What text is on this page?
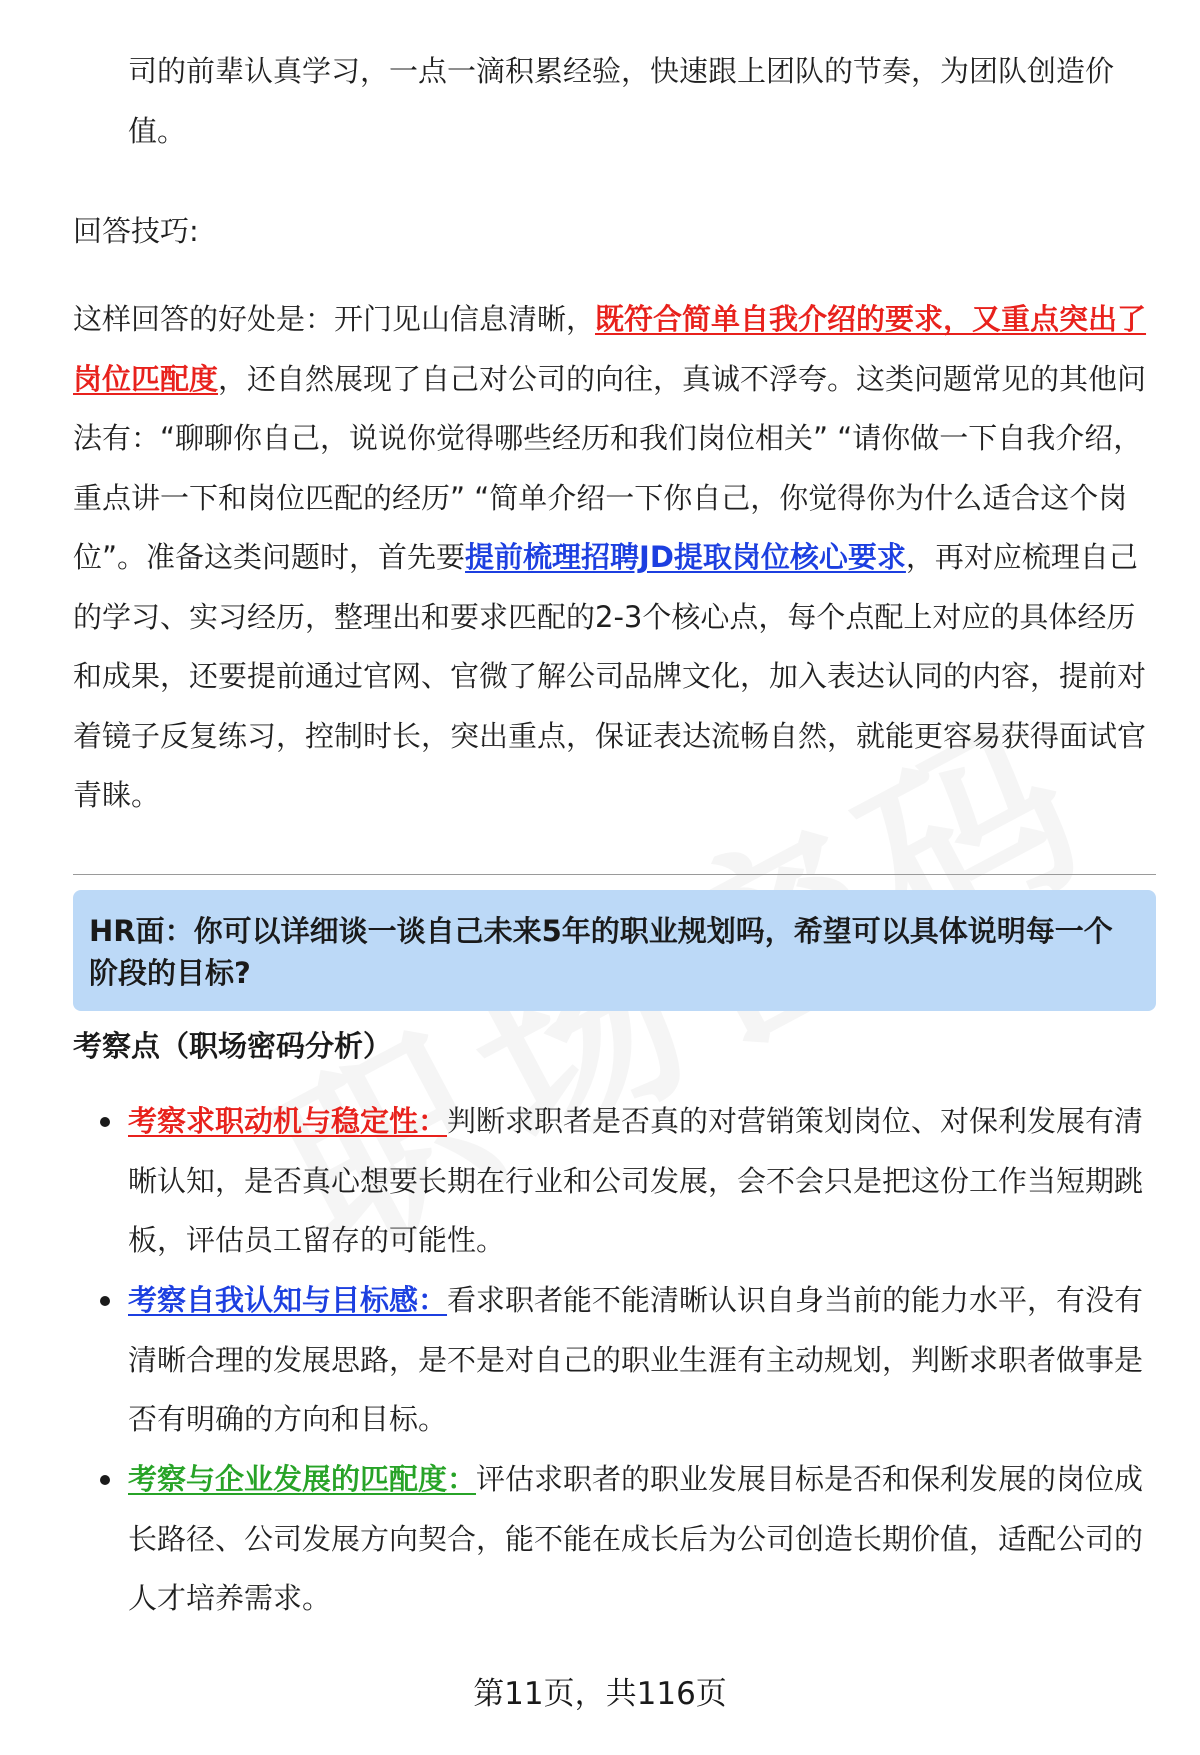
司的前辈认真学习，一点一滴积累经验，快速跟上团队的节奏，为团队创造价
值。

回答技巧:

这样回答的好处是：开门见山信息清晰，既符合简单自我介绍的要求，又重点突出了岗位匹配度，还自然展现了自己对公司的向往，真诚不浮夸。这类问题常见的其他问法有：“聊聊你自己，说说你觉得哪些经历和我们岗位相关” “请你做一下自我介绍，重点讲一下和岗位匹配的经历” “简单介绍一下你自己，你觉得你为什么适合这个岗位”。准备这类问题时，首先要提前梳理招聘JD提取岗位核心要求，再对应梳理自己的学习、实习经历，整理出和要求匹配的2-3个核心点，每个点配上对应的具体经历和成果，还要提前通过官网、官微了解公司品牌文化，加入表达认同的内容，提前对着镜子反复练习，控制时长，突出重点，保证表达流畅自然，就能更容易获得面试官青睐。

HR面：你可以详细谈一谈自己未来5年的职业规划吗，希望可以具体说明每一个阶段的目标?
考察点（职场密码分析）
考察求职动机与稳定性：判断求职者是否真的对营销策划岗位、对保利发展有清晰认知，是否真心想要长期在行业和公司发展，会不会只是把这份工作当短期跳板，评估员工留存的可能性。
考察自我认知与目标感：看求职者能不能清晰认识自身当前的能力水平，有没有清晰合理的发展思路，是不是对自己的职业生涯有主动规划，判断求职者做事是否有明确的方向和目标。
考察与企业发展的匹配度：评估求职者的职业发展目标是否和保利发展的岗位成长路径、公司发展方向契合，能不能在成长后为公司创造长期价值，适配公司的人才培养需求。
第11页，共116页
